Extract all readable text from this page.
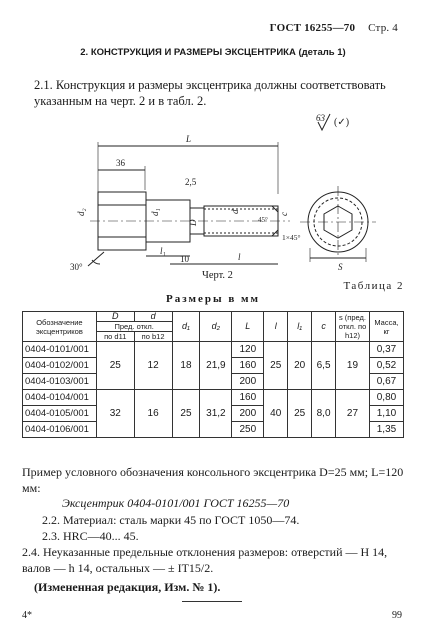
ГОСТ 16255—70 Стр. 4
2. КОНСТРУКЦИЯ И РАЗМЕРЫ ЭКСЦЕНТРИКА (деталь 1)
2.1. Конструкция и размеры эксцентрика должны соответствовать указанным на черт. 2 и в табл. 2.
63 (✓)
L
36
2,5
d₂	d₁
D
d	c
45°
l₁
10	l
S
30°
1×45°
Черт. 2
Таблица 2
Размеры в мм
Обозначение эксцентриков	D	d	d₁	d₂	L	l	l₁	c	s (пред. откл. по h12)	Масса, кг
	Пред. откл.									
	по d11	по b12								
0404-0101/001	25	12	18	21,9	120	25	20	6,5	19	0,37
0404-0102/001					160					0,52
0404-0103/001					200					0,67
0404-0104/001	32	16	25	31,2	160	40	25	8,0	27	0,80
0404-0105/001					200					1,10
0404-0106/001					250					1,35
Пример условного обозначения консольного эксцентрика D=25 мм; L=120 мм:
Эксцентрик 0404-0101/001 ГОСТ 16255—70
2.2. Материал: сталь марки 45 по ГОСТ 1050—74.
2.3. HRC—40... 45.
2.4. Неуказанные предельные отклонения размеров: отверстий — H 14, валов — h 14, остальных — ± IT15/2.
(Измененная редакция, Изм. № 1).
4*	99
